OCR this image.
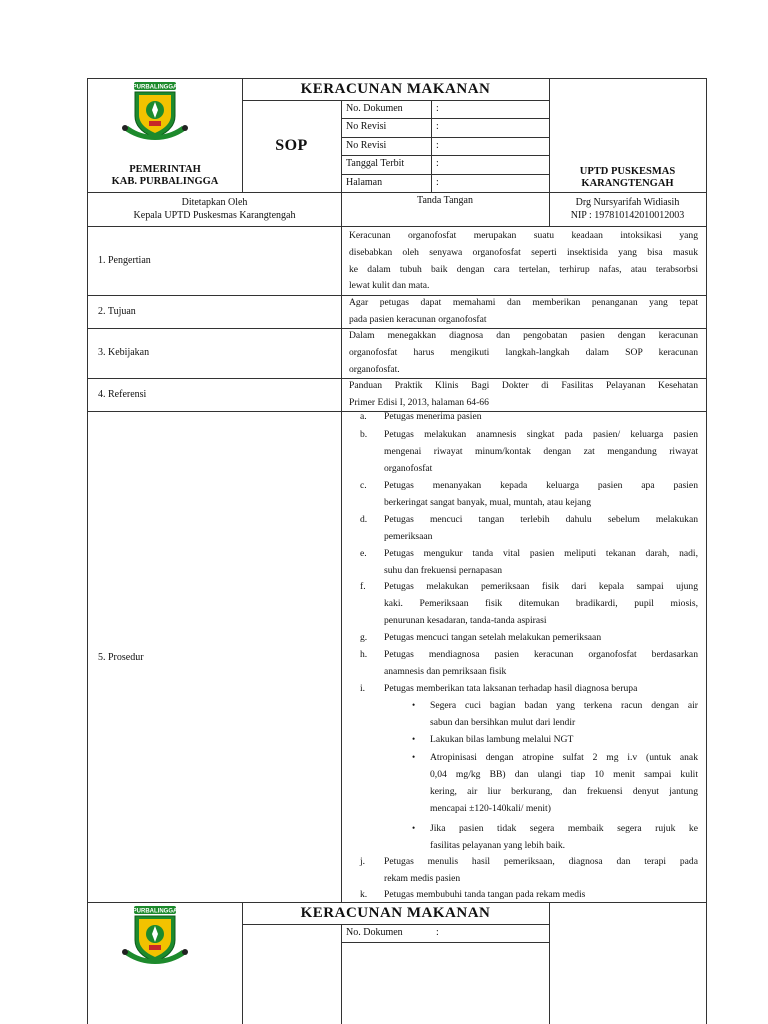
PURBALINGGA
PEMERINTAH
KAB. PURBALINGGA
KERACUNAN MAKANAN
SOP
No. Dokumen	:
No Revisi	:
No Revisi	:
Tanggal Terbit	:
Halaman	:
UPTD PUSKESMAS
KARANGTENGAH
Ditetapkan Oleh
Kepala UPTD Puskesmas Karangtengah
Tanda Tangan	Drg Nursyarifah Widiasih
NIP : 197810142010012003
1. Pengertian
Keracunan organofosfat merupakan suatu keadaan intoksikasi yang
disebabkan oleh senyawa organofosfat seperti insektisida yang bisa masuk
ke dalam tubuh baik dengan cara tertelan, terhirup nafas, atau terabsorbsi
lewat kulit dan mata.
2. Tujuan
Agar petugas dapat memahami dan memberikan penanganan yang tepat
pada pasien keracunan organofosfat
3. Kebijakan
Dalam menegakkan diagnosa dan pengobatan pasien dengan keracunan
organofosfat harus mengikuti langkah-langkah dalam SOP keracunan
organofosfat.
4. Referensi
Panduan Praktik Klinis Bagi Dokter di Fasilitas Pelayanan Kesehatan
Primer Edisi I, 2013, halaman 64-66
5. Prosedur
a. Petugas menerima pasien
b. Petugas melakukan anamnesis singkat pada pasien/ keluarga pasien
mengenai riwayat minum/kontak dengan zat mengandung riwayat
organofosfat
c. Petugas menanyakan kepada keluarga pasien apa pasien
berkeringat sangat banyak, mual, muntah, atau kejang
d. Petugas mencuci tangan terlebih dahulu sebelum melakukan
pemeriksaan
e. Petugas mengukur tanda vital pasien meliputi tekanan darah, nadi,
suhu dan frekuensi pernapasan
f. Petugas melakukan pemeriksaan fisik dari kepala sampai ujung
kaki. Pemeriksaan fisik ditemukan bradikardi, pupil miosis,
penurunan kesadaran, tanda-tanda aspirasi
g. Petugas mencuci tangan setelah melakukan pemeriksaan
h. Petugas mendiagnosa pasien keracunan organofosfat berdasarkan
anamnesis dan pemriksaan fisik
i. Petugas memberikan tata laksanan terhadap hasil diagnosa berupa
• Segera cuci bagian badan yang terkena racun dengan air
sabun dan bersihkan mulut dari lendir
• Lakukan bilas lambung melalui NGT
• Atropinisasi dengan atropine sulfat 2 mg i.v (untuk anak
0,04 mg/kg BB) dan ulangi tiap 10 menit sampai kulit
kering, air liur berkurang, dan frekuensi denyut jantung
mencapai ±120-140kali/ menit)
• Jika pasien tidak segera membaik segera rujuk ke
fasilitas pelayanan yang lebih baik.
j. Petugas menulis hasil pemeriksaan, diagnosa dan terapi pada
rekam medis pasien
k. Petugas membubuhi tanda tangan pada rekam medis
PURBALINGGA	KERACUNAN MAKANAN
No. Dokumen	:
